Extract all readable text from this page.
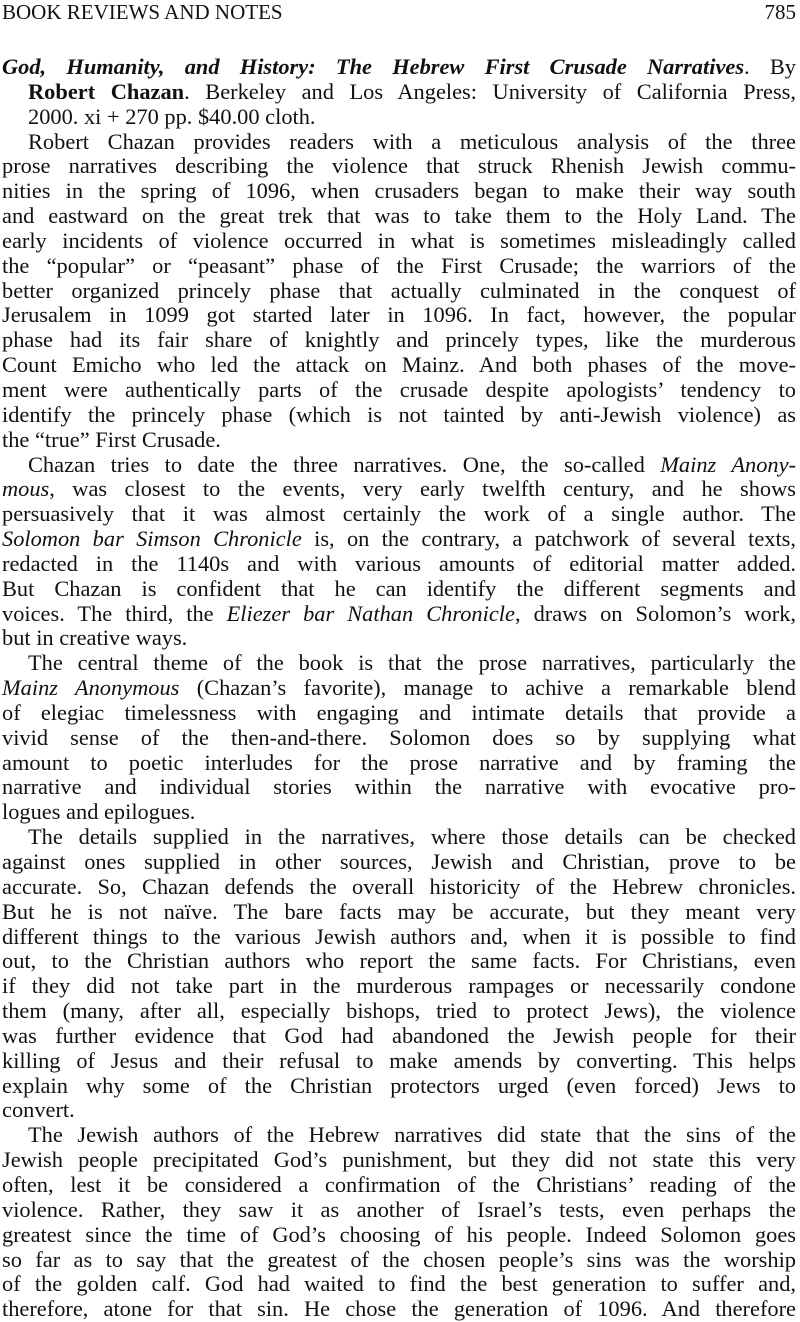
BOOK REVIEWS AND NOTES	785
God, Humanity, and History: The Hebrew First Crusade Narratives. By
Robert Chazan. Berkeley and Los Angeles: University of California Press,
2000. xi + 270 pp. $40.00 cloth.
Robert Chazan provides readers with a meticulous analysis of the three
prose narratives describing the violence that struck Rhenish Jewish commu-
nities in the spring of 1096, when crusaders began to make their way south
and eastward on the great trek that was to take them to the Holy Land. The
early incidents of violence occurred in what is sometimes misleadingly called
the “popular” or “peasant” phase of the First Crusade; the warriors of the
better organized princely phase that actually culminated in the conquest of
Jerusalem in 1099 got started later in 1096. In fact, however, the popular
phase had its fair share of knightly and princely types, like the murderous
Count Emicho who led the attack on Mainz. And both phases of the move-
ment were authentically parts of the crusade despite apologists’ tendency to
identify the princely phase (which is not tainted by anti-Jewish violence) as
the “true” First Crusade.
Chazan tries to date the three narratives. One, the so-called Mainz Anony-
mous, was closest to the events, very early twelfth century, and he shows
persuasively that it was almost certainly the work of a single author. The
Solomon bar Simson Chronicle is, on the contrary, a patchwork of several texts,
redacted in the 1140s and with various amounts of editorial matter added.
But Chazan is confident that he can identify the different segments and
voices. The third, the Eliezer bar Nathan Chronicle, draws on Solomon’s work,
but in creative ways.
The central theme of the book is that the prose narratives, particularly the
Mainz Anonymous (Chazan’s favorite), manage to achive a remarkable blend
of elegiac timelessness with engaging and intimate details that provide a
vivid sense of the then-and-there. Solomon does so by supplying what
amount to poetic interludes for the prose narrative and by framing the
narrative and individual stories within the narrative with evocative pro-
logues and epilogues.
The details supplied in the narratives, where those details can be checked
against ones supplied in other sources, Jewish and Christian, prove to be
accurate. So, Chazan defends the overall historicity of the Hebrew chronicles.
But he is not naïve. The bare facts may be accurate, but they meant very
different things to the various Jewish authors and, when it is possible to find
out, to the Christian authors who report the same facts. For Christians, even
if they did not take part in the murderous rampages or necessarily condone
them (many, after all, especially bishops, tried to protect Jews), the violence
was further evidence that God had abandoned the Jewish people for their
killing of Jesus and their refusal to make amends by converting. This helps
explain why some of the Christian protectors urged (even forced) Jews to
convert.
The Jewish authors of the Hebrew narratives did state that the sins of the
Jewish people precipitated God’s punishment, but they did not state this very
often, lest it be considered a confirmation of the Christians’ reading of the
violence. Rather, they saw it as another of Israel’s tests, even perhaps the
greatest since the time of God’s choosing of his people. Indeed Solomon goes
so far as to say that the greatest of the chosen people’s sins was the worship
of the golden calf. God had waited to find the best generation to suffer and,
therefore, atone for that sin. He chose the generation of 1096. And therefore
